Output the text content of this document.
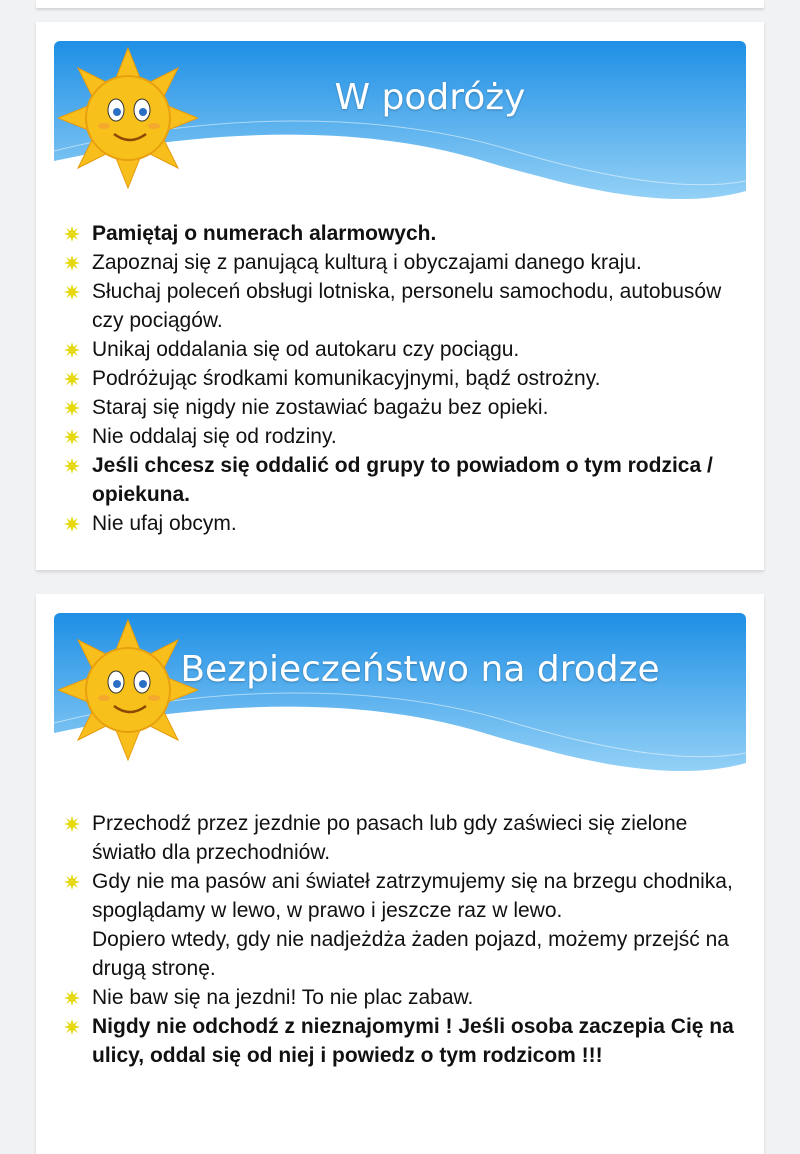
W podróży
Pamiętaj o numerach alarmowych.
Zapoznaj się z panującą kulturą i obyczajami danego kraju.
Słuchaj poleceń obsługi lotniska, personelu samochodu, autobusów czy pociągów.
Unikaj oddalania się od autokaru czy pociągu.
Podróżując środkami komunikacyjnymi, bądź ostrożny.
Staraj się nigdy nie zostawiać bagażu bez opieki.
Nie oddalaj się od rodziny.
Jeśli chcesz się oddalić od grupy to powiadom o tym rodzica / opiekuna.
Nie ufaj obcym.
Bezpieczeństwo na drodze
Przechodź przez jezdnie po pasach lub gdy zaświeci się zielone światło dla przechodniów.
Gdy nie ma pasów ani świateł zatrzymujemy się na brzegu chodnika, spoglądamy w lewo, w prawo i jeszcze raz w lewo.
Dopiero wtedy, gdy nie nadjeżdża żaden pojazd, możemy przejść na drugą stronę.
Nie baw się na jezdni! To nie plac zabaw.
Nigdy nie odchodź z nieznajomymi ! Jeśli osoba zaczepia Cię na ulicy, oddal się od niej i powiedz o tym rodzicom !!!
